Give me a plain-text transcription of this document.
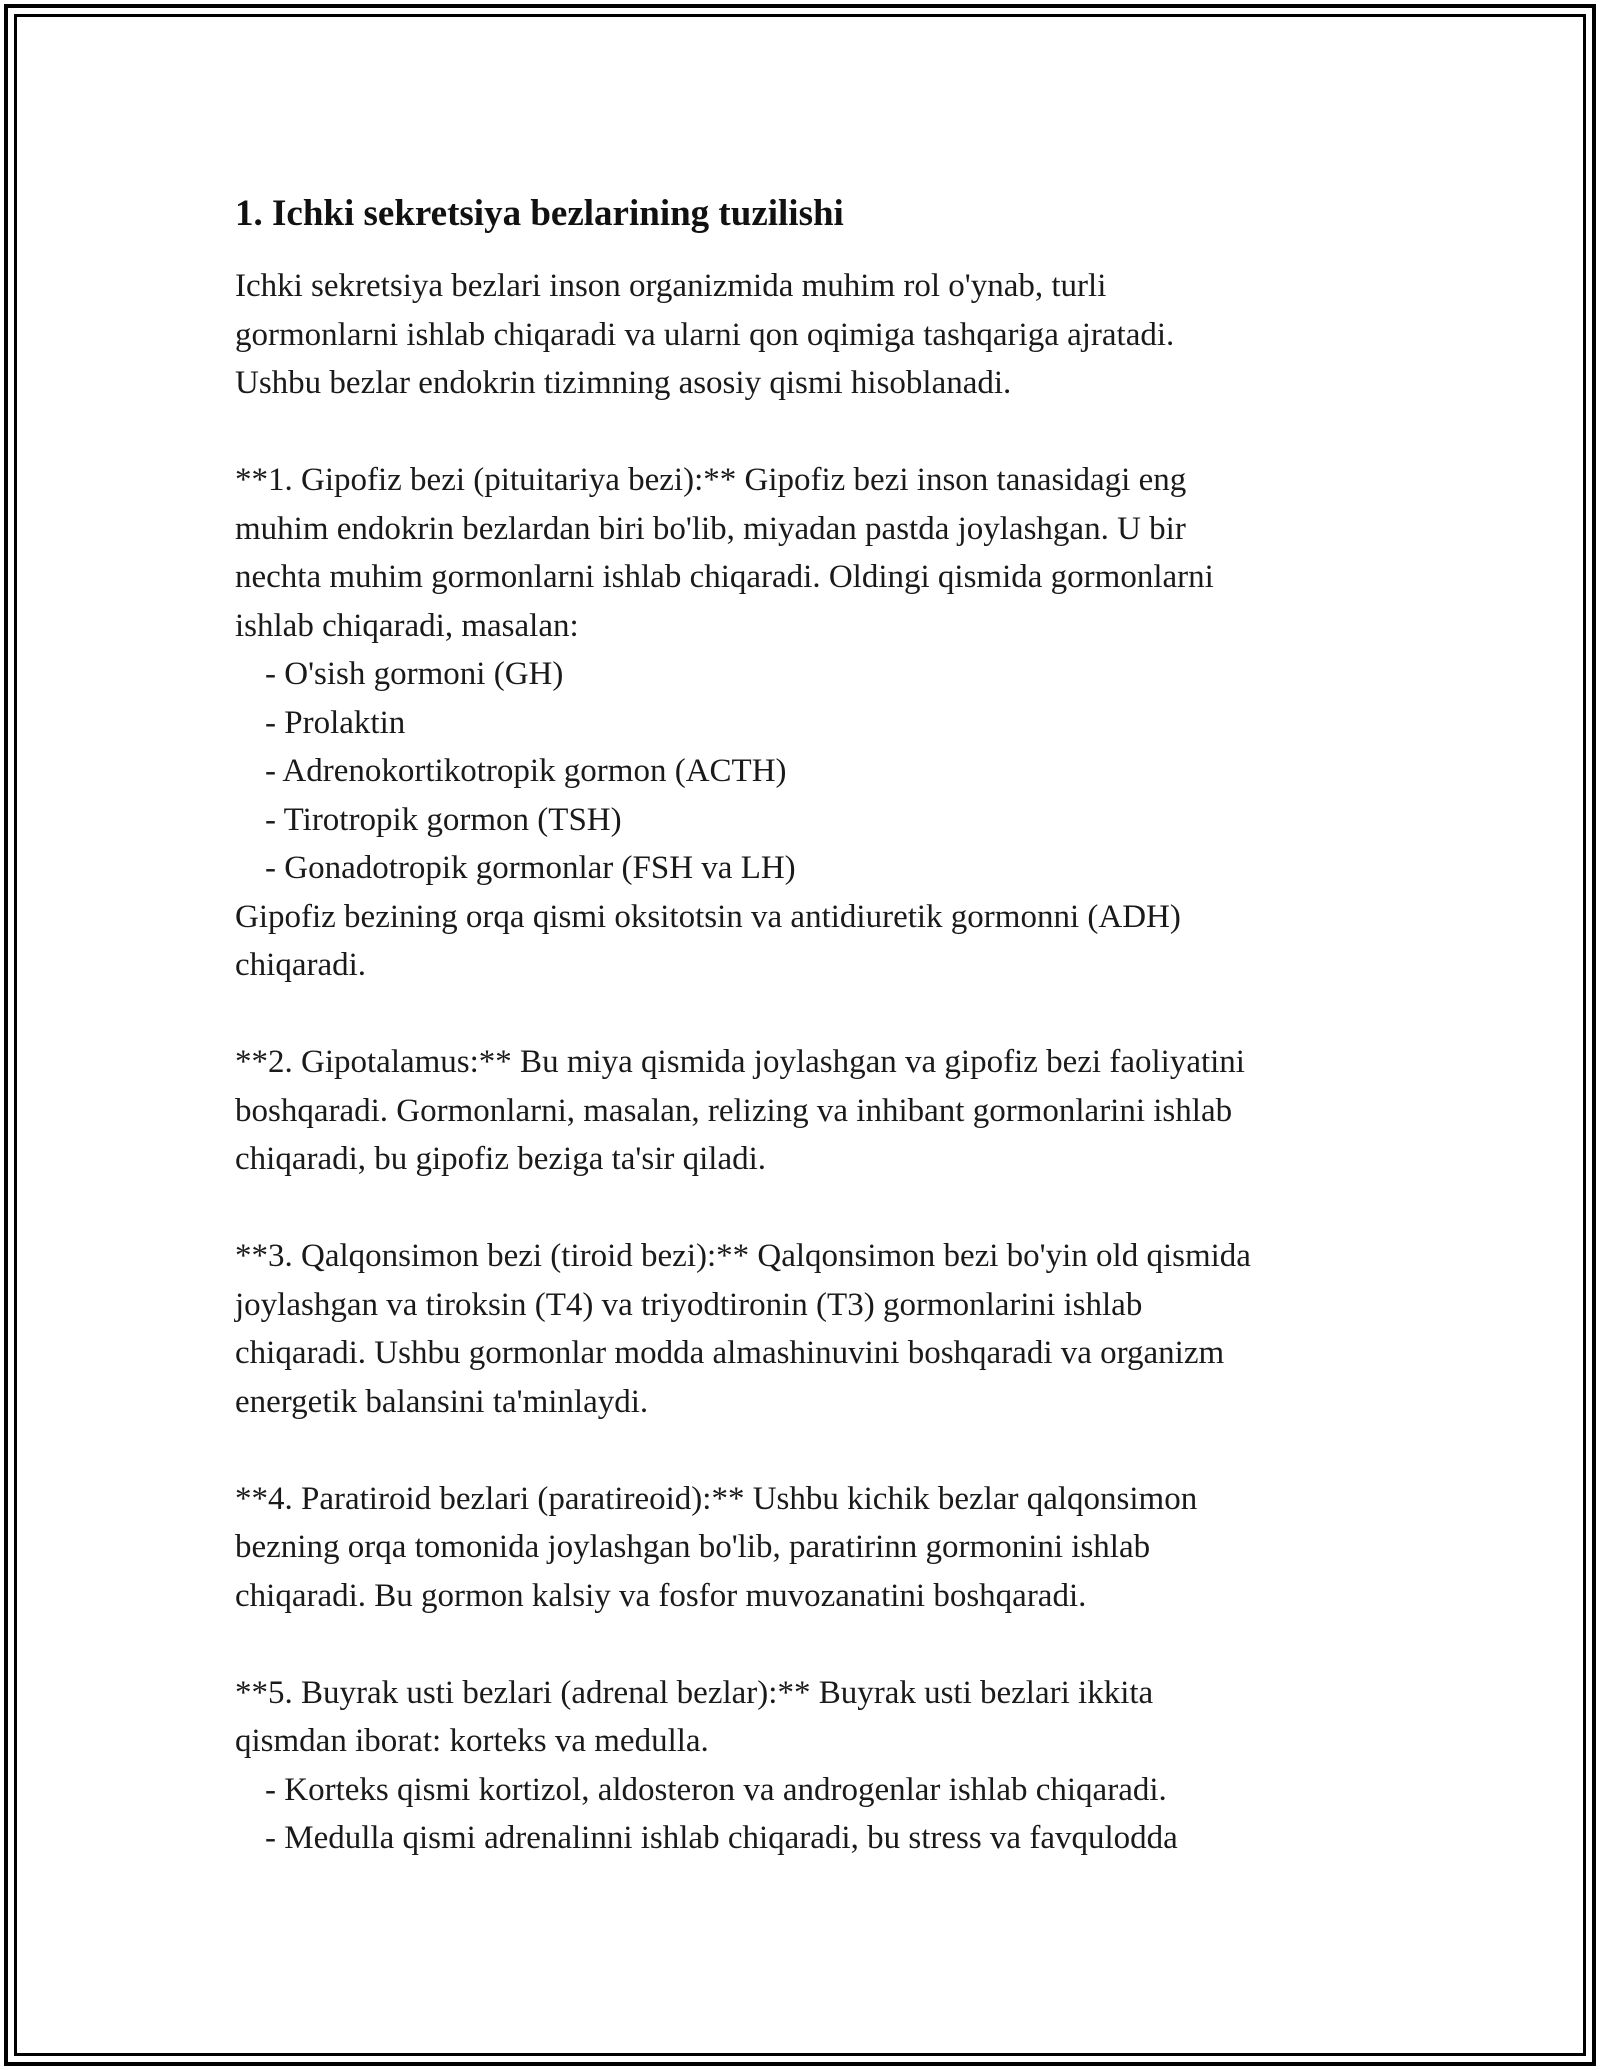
1. Ichki sekretsiya bezlarining tuzilishi

Ichki sekretsiya bezlari inson organizmida muhim rol o'ynab, turli
gormonlarni ishlab chiqaradi va ularni qon oqimiga tashqariga ajratadi.
Ushbu bezlar endokrin tizimning asosiy qismi hisoblanadi.

**1. Gipofiz bezi (pituitariya bezi):** Gipofiz bezi inson tanasidagi eng
muhim endokrin bezlardan biri bo'lib, miyadan pastda joylashgan. U bir
nechta muhim gormonlarni ishlab chiqaradi. Oldingi qismida gormonlarni
ishlab chiqaradi, masalan:

- O'sish gormoni (GH)
- Prolaktin
- Adrenokortikotropik gormon (ACTH)
- Tirotropik gormon (TSH)
- Gonadotropik gormonlar (FSH va LH)

Gipofiz bezining orqa qismi oksitotsin va antidiuretik gormonni (ADH)
chiqaradi.

**2. Gipotalamus:** Bu miya qismida joylashgan va gipofiz bezi faoliyatini
boshqaradi. Gormonlarni, masalan, relizing va inhibant gormonlarini ishlab
chiqaradi, bu gipofiz beziga ta'sir qiladi.

**3. Qalqonsimon bezi (tiroid bezi):** Qalqonsimon bezi bo'yin old qismida
joylashgan va tiroksin (T4) va triyodtironin (T3) gormonlarini ishlab
chiqaradi. Ushbu gormonlar modda almashinuvini boshqaradi va organizm
energetik balansini ta'minlaydi.

**4. Paratiroid bezlari (paratireoid):** Ushbu kichik bezlar qalqonsimon
bezning orqa tomonida joylashgan bo'lib, paratirinn gormonini ishlab
chiqaradi. Bu gormon kalsiy va fosfor muvozanatini boshqaradi.

**5. Buyrak usti bezlari (adrenal bezlar):** Buyrak usti bezlari ikkita
qismdan iborat: korteks va medulla.

- Korteks qismi kortizol, aldosteron va androgenlar ishlab chiqaradi.
- Medulla qismi adrenalinni ishlab chiqaradi, bu stress va favqulodda
